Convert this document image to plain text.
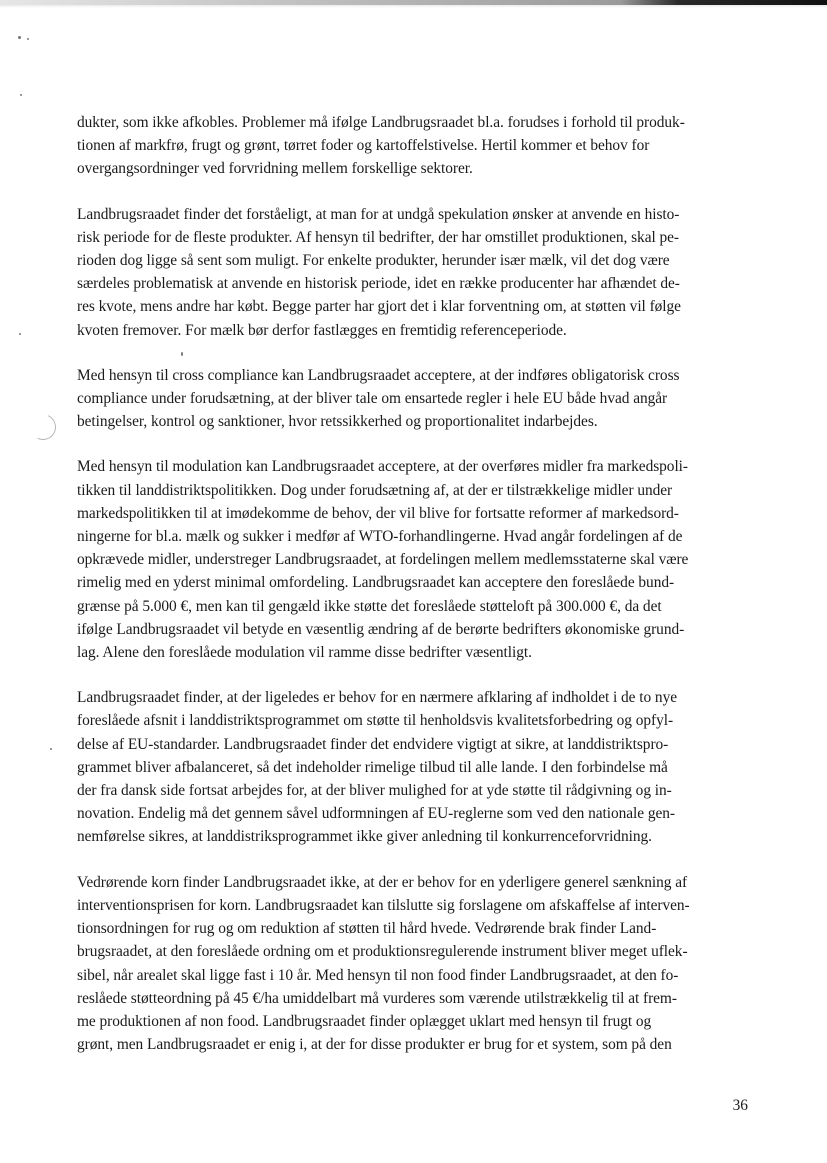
dukter, som ikke afkobles. Problemer må ifølge Landbrugsraadet bl.a. forudses i forhold til produk-
tionen af markfrø, frugt og grønt, tørret foder og kartoffelstivelse. Hertil kommer et behov for
overgangsordninger ved forvridning mellem forskellige sektorer.

Landbrugsraadet finder det forståeligt, at man for at undgå spekulation ønsker at anvende en histo-
risk periode for de fleste produkter. Af hensyn til bedrifter, der har omstillet produktionen, skal pe-
rioden dog ligge så sent som muligt. For enkelte produkter, herunder især mælk, vil det dog være
særdeles problematisk at anvende en historisk periode, idet en række producenter har afhændet de-
res kvote, mens andre har købt. Begge parter har gjort det i klar forventning om, at støtten vil følge
kvoten fremover. For mælk bør derfor fastlægges en fremtidig referenceperiode.

Med hensyn til cross compliance kan Landbrugsraadet acceptere, at der indføres obligatorisk cross
compliance under forudsætning, at der bliver tale om ensartede regler i hele EU både hvad angår
betingelser, kontrol og sanktioner, hvor retssikkerhed og proportionalitet indarbejdes.

Med hensyn til modulation kan Landbrugsraadet acceptere, at der overføres midler fra markedspoli-
tikken til landdistriktspolitikken. Dog under forudsætning af, at der er tilstrækkelige midler under
markedspolitikken til at imødekomme de behov, der vil blive for fortsatte reformer af markedsord-
ningerne for bl.a. mælk og sukker i medfør af WTO-forhandlingerne. Hvad angår fordelingen af de
opkrævede midler, understreger Landbrugsraadet, at fordelingen mellem medlemsstaterne skal være
rimelig med en yderst minimal omfordeling. Landbrugsraadet kan acceptere den foreslåede bund-
grænse på 5.000 €, men kan til gengæld ikke støtte det foreslåede støtteloft på 300.000 €, da det
ifølge Landbrugsraadet vil betyde en væsentlig ændring af de berørte bedrifters økonomiske grund-
lag. Alene den foreslåede modulation vil ramme disse bedrifter væsentligt.

Landbrugsraadet finder, at der ligeledes er behov for en nærmere afklaring af indholdet i de to nye
foreslåede afsnit i landdistriktsprogrammet om støtte til henholdsvis kvalitetsforbedring og opfyl-
delse af EU-standarder. Landbrugsraadet finder det endvidere vigtigt at sikre, at landdistriktspro-
grammet bliver afbalanceret, så det indeholder rimelige tilbud til alle lande. I den forbindelse må
der fra dansk side fortsat arbejdes for, at der bliver mulighed for at yde støtte til rådgivning og in-
novation. Endelig må det gennem såvel udformningen af EU-reglerne som ved den nationale gen-
nemførelse sikres, at landdistriksprogrammet ikke giver anledning til konkurrenceforvridning.

Vedrørende korn finder Landbrugsraadet ikke, at der er behov for en yderligere generel sænkning af
interventionsprisen for korn. Landbrugsraadet kan tilslutte sig forslagene om afskaffelse af interven-
tionsordningen for rug og om reduktion af støtten til hård hvede. Vedrørende brak finder Land-
brugsraadet, at den foreslåede ordning om et produktionsregulerende instrument bliver meget uflek-
sibel, når arealet skal ligge fast i 10 år. Med hensyn til non food finder Landbrugsraadet, at den fo-
reslåede støtteordning på 45 €/ha umiddelbart må vurderes som værende utilstrækkelig til at frem-
me produktionen af non food. Landbrugsraadet finder oplægget uklart med hensyn til frugt og
grønt, men Landbrugsraadet er enig i, at der for disse produkter er brug for et system, som på den

36
